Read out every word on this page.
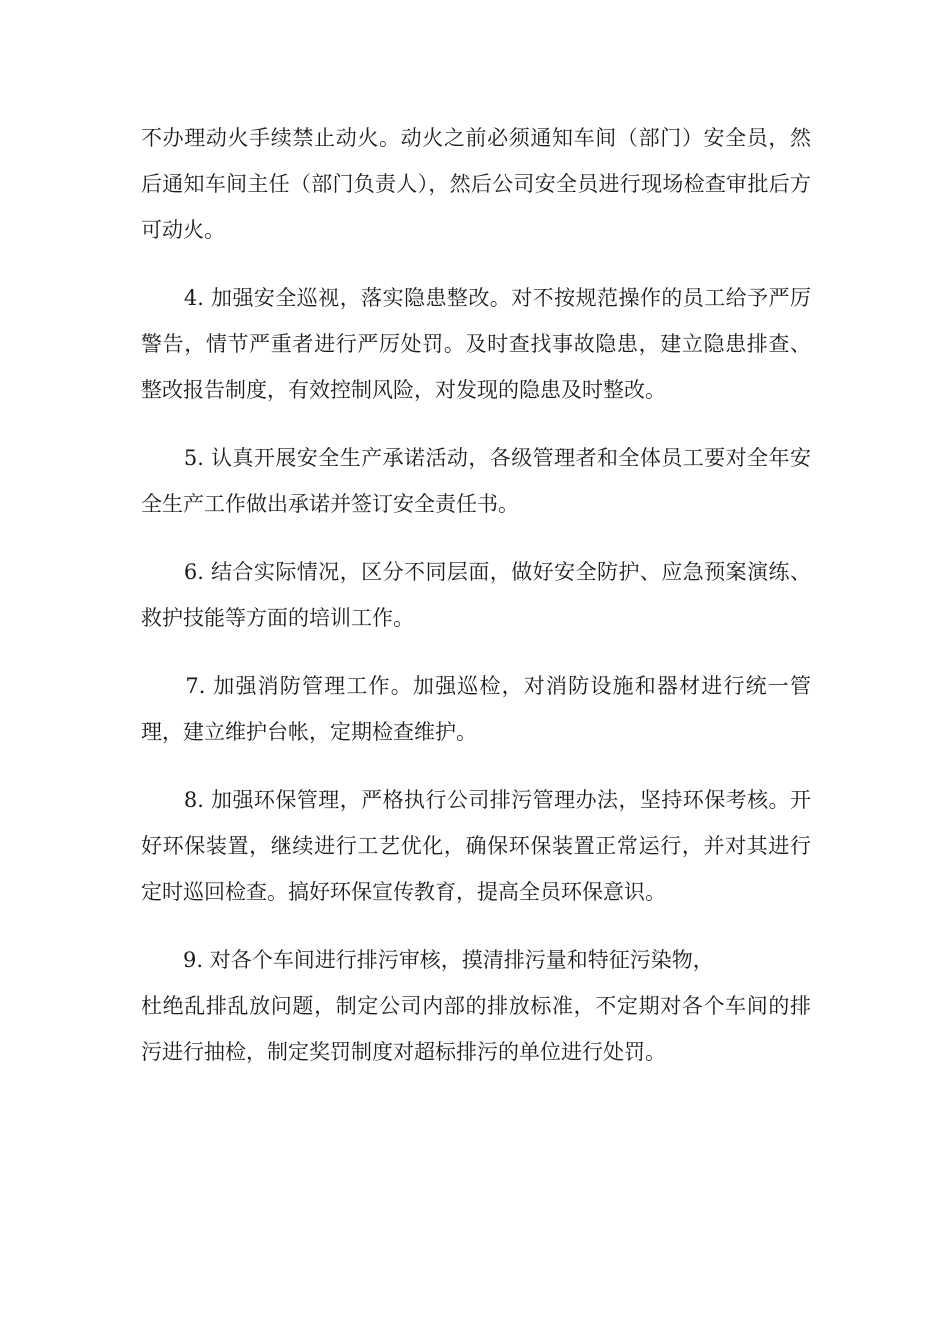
不办理动火手续禁止动火。动火之前必须通知车间（部门）安全员，然后通知车间主任（部门负责人），然后公司安全员进行现场检查审批后方可动火。

　　4. 加强安全巡视，落实隐患整改。对不按规范操作的员工给予严厉警告，情节严重者进行严厉处罚。及时查找事故隐患，建立隐患排查、整改报告制度，有效控制风险，对发现的隐患及时整改。

　　5. 认真开展安全生产承诺活动，各级管理者和全体员工要对全年安全生产工作做出承诺并签订安全责任书。

　　6. 结合实际情况，区分不同层面，做好安全防护、应急预案演练、救护技能等方面的培训工作。

　　7. 加强消防管理工作。加强巡检，对消防设施和器材进行统一管理，建立维护台帐，定期检查维护。

　　8. 加强环保管理，严格执行公司排污管理办法，坚持环保考核。开好环保装置，继续进行工艺优化，确保环保装置正常运行，并对其进行定时巡回检查。搞好环保宣传教育，提高全员环保意识。

　　9. 对各个车间进行排污审核，摸清排污量和特征污染物，
杜绝乱排乱放问题，制定公司内部的排放标准，不定期对各个车间的排污进行抽检，制定奖罚制度对超标排污的单位进行处罚。
